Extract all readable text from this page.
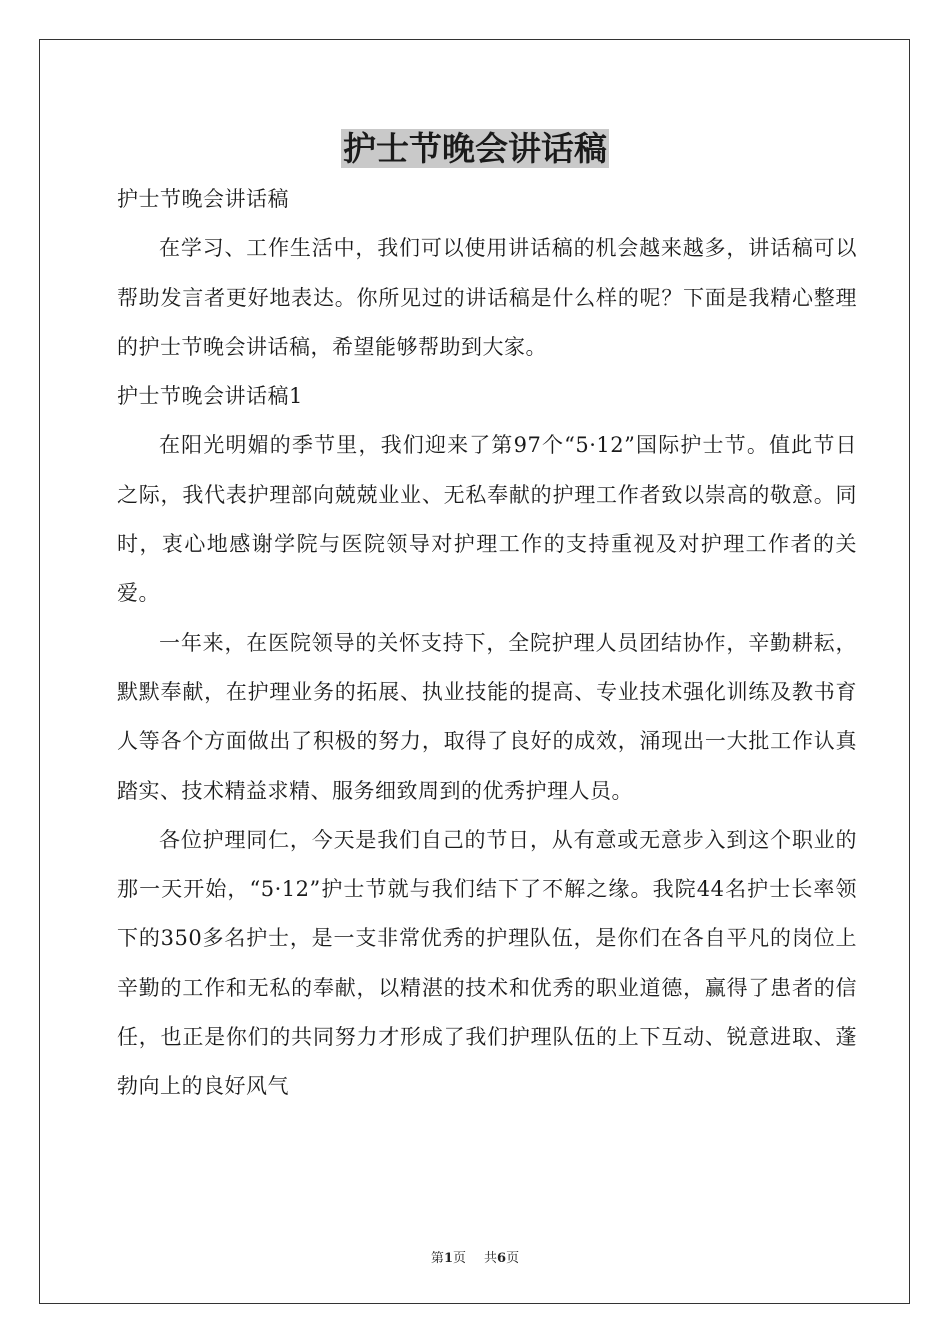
护士节晚会讲话稿

护士节晚会讲话稿

在学习、工作生活中，我们可以使用讲话稿的机会越来越多，讲话稿可以帮助发言者更好地表达。你所见过的讲话稿是什么样的呢？下面是我精心整理的护士节晚会讲话稿，希望能够帮助到大家。

护士节晚会讲话稿1

在阳光明媚的季节里，我们迎来了第97个“5·12”国际护士节。值此节日之际，我代表护理部向兢兢业业、无私奉献的护理工作者致以崇高的敬意。同时，衷心地感谢学院与医院领导对护理工作的支持重视及对护理工作者的关爱。

一年来，在医院领导的关怀支持下，全院护理人员团结协作，辛勤耕耘，默默奉献，在护理业务的拓展、执业技能的提高、专业技术强化训练及教书育人等各个方面做出了积极的努力，取得了良好的成效，涌现出一大批工作认真踏实、技术精益求精、服务细致周到的优秀护理人员。

各位护理同仁，今天是我们自己的节日，从有意或无意步入到这个职业的那一天开始，“5·12”护士节就与我们结下了不解之缘。我院44名护士长率领下的350多名护士，是一支非常优秀的护理队伍，是你们在各自平凡的岗位上辛勤的工作和无私的奉献，以精湛的技术和优秀的职业道德，赢得了患者的信任，也正是你们的共同努力才形成了我们护理队伍的上下互动、锐意进取、蓬勃向上的良好风气

第1页 共6页
